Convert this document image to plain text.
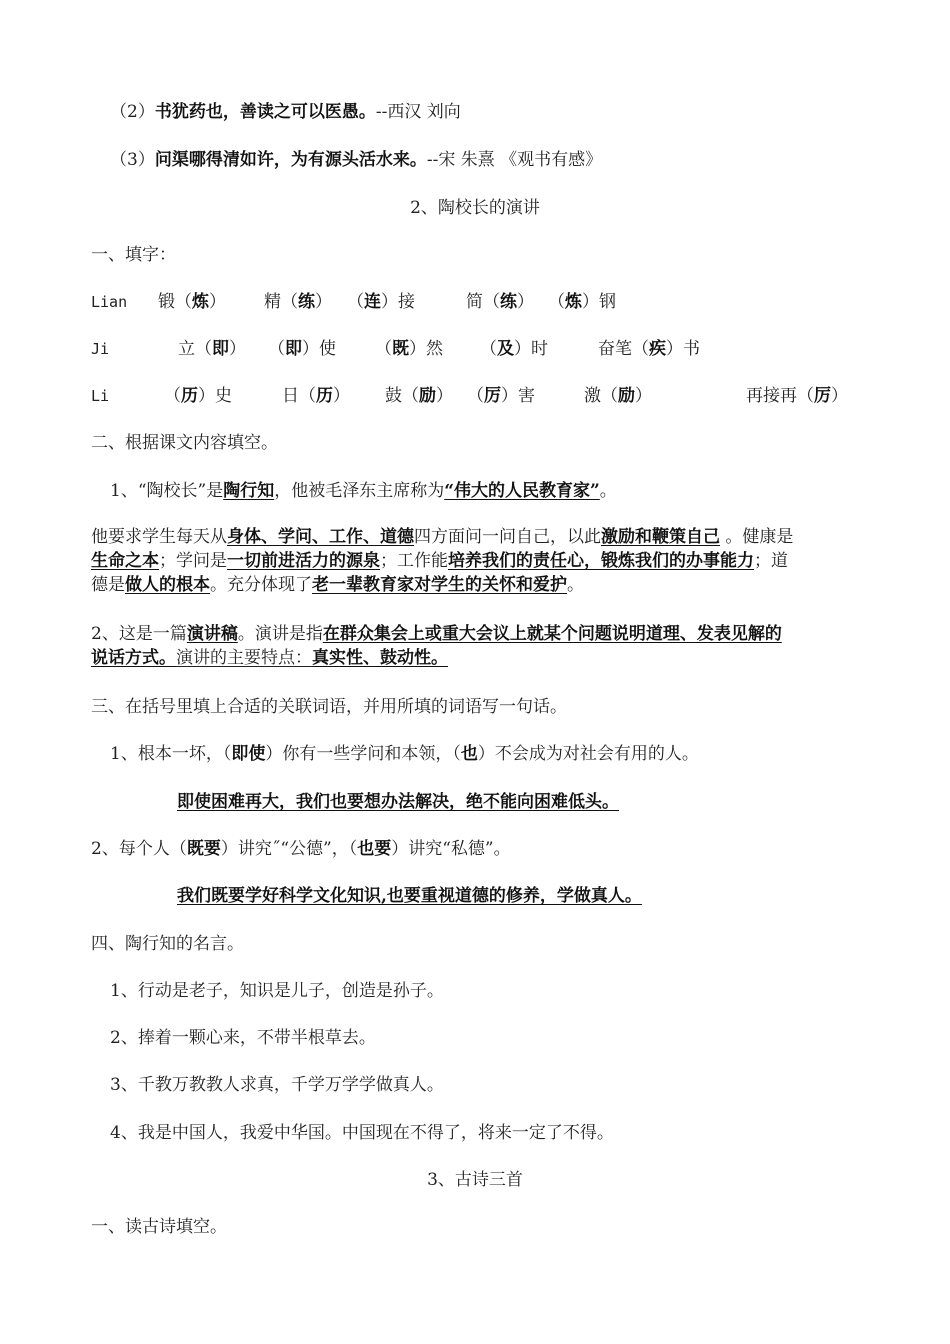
（2）书犹药也，善读之可以医愚。--西汉 刘向
（3）问渠哪得清如许，为有源头活水来。--宋 朱熹 《观书有感》
2、陶校长的演讲
一、填字：
Lian 锻（炼） 精（练） （连）接	简（练） （炼）钢
Ji	立（即） （即）使 （既）然 （及）时	奋笔（疾）书
Li	（历）史	日（历） 鼓（励） （厉）害	激（励）	再接再（厉）
二、根据课文内容填空。
1、“陶校长”是陶行知，他被毛泽东主席称为“伟大的人民教育家”。
他要求学生每天从身体、学问、工作、道德四方面问一问自己，以此激励和鞭策自己 。健康是
生命之本；学问是一切前进活力的源泉；工作能培养我们的责任心，锻炼我们的办事能力；道
德是做人的根本。充分体现了老一辈教育家对学生的关怀和爱护。
2、这是一篇演讲稿。演讲是指在群众集会上或重大会议上就某个问题说明道理、发表见解的
说话方式。演讲的主要特点：真实性、鼓动性。
三、在括号里填上合适的关联词语，并用所填的词语写一句话。
1、根本一坏，（即使）你有一些学问和本领，（也）不会成为对社会有用的人。
即使困难再大，我们也要想办法解决，绝不能向困难低头。
2、每个人（既要）讲究˝“公德”，（也要）讲究“私德”。
我们既要学好科学文化知识,也要重视道德的修养，学做真人。
四、陶行知的名言。
1、行动是老子，知识是儿子，创造是孙子。
2、捧着一颗心来，不带半根草去。
3、千教万教教人求真，千学万学学做真人。
4、我是中国人，我爱中华国。中国现在不得了，将来一定了不得。
3、古诗三首
一、读古诗填空。
